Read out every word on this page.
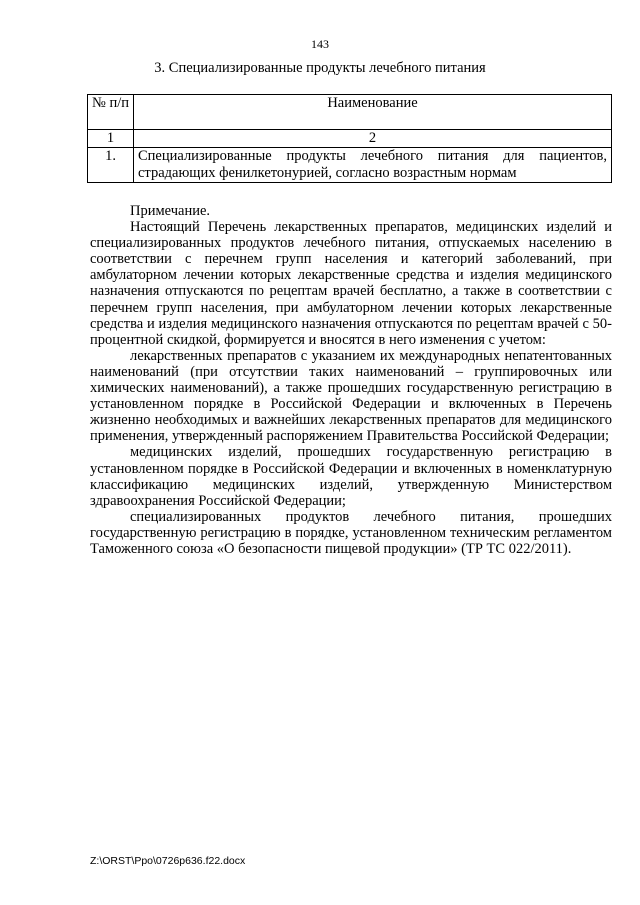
143
3. Специализированные продукты лечебного питания
№ п/п	Наименование
1	2
1.	Специализированные продукты лечебного питания для пациентов, страдающих фенилкетонурией, согласно возрастным нормам

Примечание.

Настоящий Перечень лекарственных препаратов, медицинских изделий и специализированных продуктов лечебного питания, отпускаемых населению в соответствии с перечнем групп населения и категорий заболеваний, при амбулаторном лечении которых лекарственные средства и изделия медицинского назначения отпускаются по рецептам врачей бесплатно, а также в соответствии с перечнем групп населения, при амбулаторном лечении которых лекарственные средства и изделия медицинского назначения отпускаются по рецептам врачей с 50-процентной скидкой, формируется и вносятся в него изменения с учетом:

лекарственных препаратов с указанием их международных непатентованных наименований (при отсутствии таких наименований – группировочных или химических наименований), а также прошедших государственную регистрацию в установленном порядке в Российской Федерации и включенных в Перечень жизненно необходимых и важнейших лекарственных препаратов для медицинского применения, утвержденный распоряжением Правительства Российской Федерации;

медицинских изделий, прошедших государственную регистрацию в установленном порядке в Российской Федерации и включенных в номенклатурную классификацию медицинских изделий, утвержденную Министерством здравоохранения Российской Федерации;

специализированных продуктов лечебного питания, прошедших государственную регистрацию в порядке, установленном техническим регламентом Таможенного союза «О безопасности пищевой продукции» (ТР ТС 022/2011).

Z:\ORST\Ppo\0726p636.f22.docx
